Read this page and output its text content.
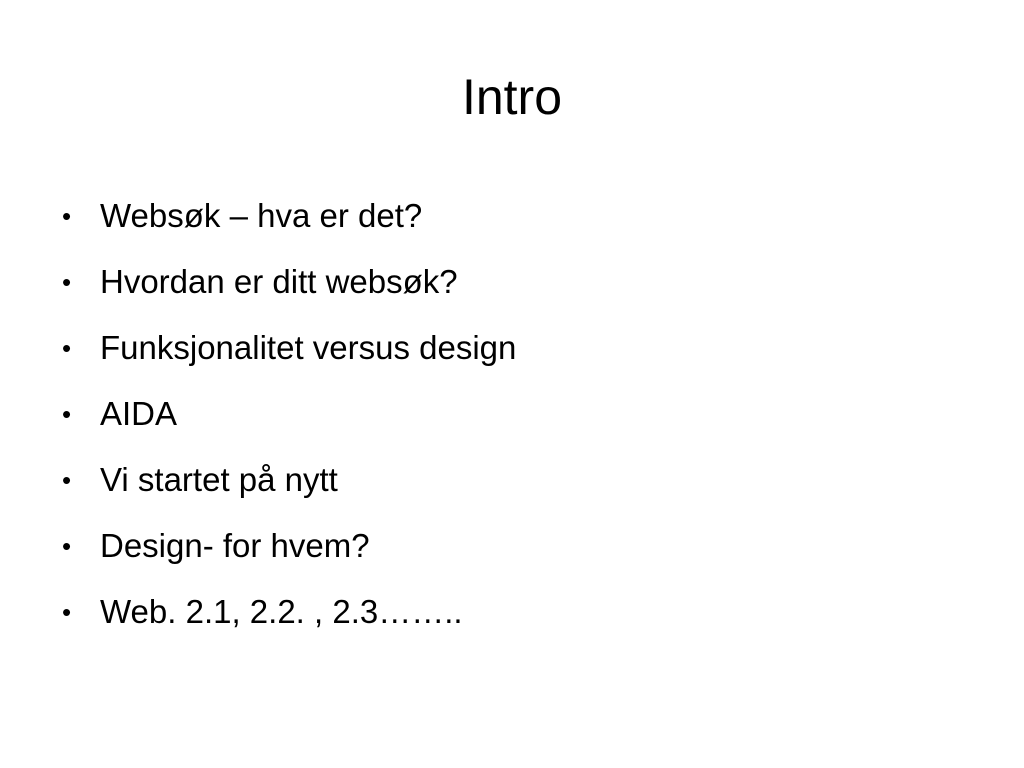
Intro
• Websøk – hva er det?
• Hvordan er ditt websøk?
• Funksjonalitet versus design
• AIDA
• Vi startet på nytt
• Design- for hvem?
• Web. 2.1, 2.2. , 2.3……..
